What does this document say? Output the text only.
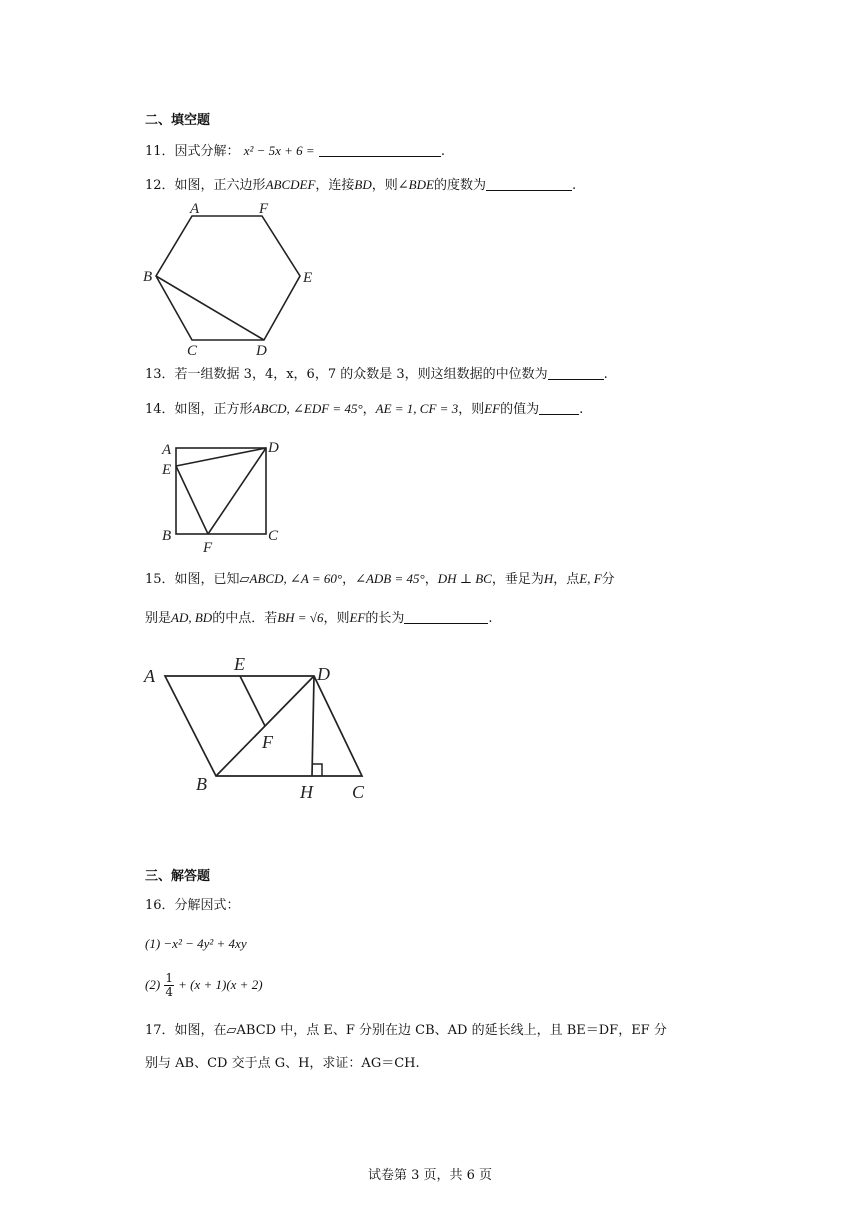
二、填空题
11．因式分解： x² − 5x + 6 =	.
12．如图，正六边形ABCDEF，连接BD，则∠BDE的度数为	.
A	F
B	E
C	D
13．若一组数据 3，4，x，6，7 的众数是 3，则这组数据的中位数为	.
14．如图，正方形ABCD, ∠EDF = 45°，AE = 1, CF = 3，则EF的值为	.
A	D
E
B
F
C
15．如图，已知▱ABCD, ∠A = 60°，∠ADB = 45°，DH ⊥ BC，垂足为H，点E, F分
别是AD, BD的中点．若BH = √6，则EF的长为	.
A
E	D
F
B	H C
三、解答题
16．分解因式：
(1) −x² − 4y² + 4xy
$(2) \frac{1}{4} + (x + 1)(x + 2)$
17．如图，在▱ABCD 中，点 E、F 分别在边 CB、AD 的延长线上，且 BE＝DF，EF 分
别与 AB、CD 交于点 G、H，求证：AG＝CH.
试卷第 3 页，共 6 页
